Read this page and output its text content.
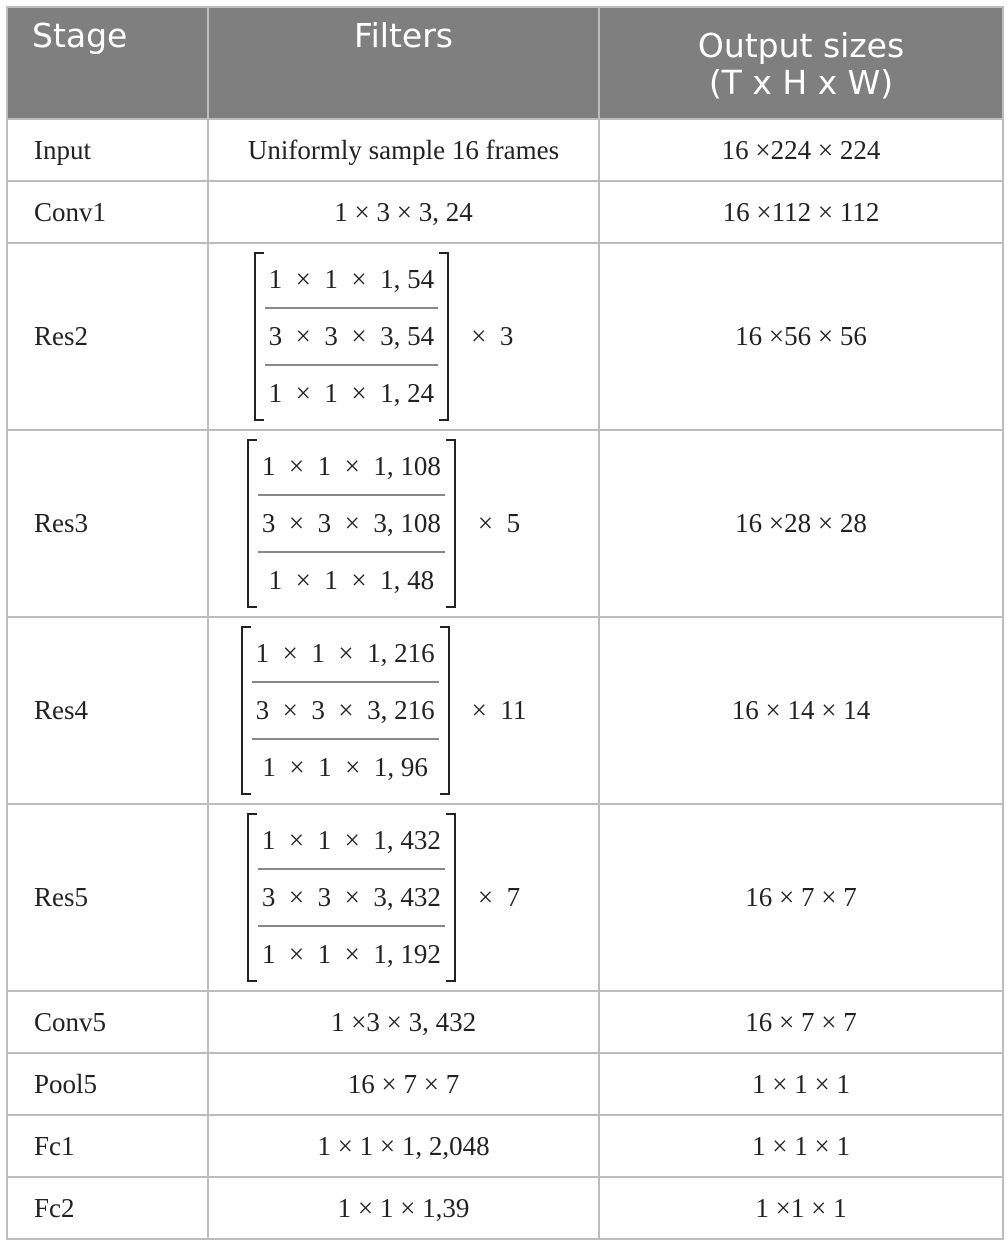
Stage	Filters	Output sizes
(T x H x W)

Input	Uniformly sample 16 frames	16 ×224 × 224
Conv1	1 × 3 × 3, 24	16 ×112 × 112
Res2	1  ×  1  ×  1, 54
3  ×  3  ×  3, 54
1  ×  1  ×  1, 24
×  3	16 ×56 × 56
Res3	1  ×  1  ×  1, 108
3  ×  3  ×  3, 108
1  ×  1  ×  1, 48
×  5	16 ×28 × 28
Res4	1  ×  1  ×  1, 216
3  ×  3  ×  3, 216
1  ×  1  ×  1, 96
×  11	16 × 14 × 14
Res5	1  ×  1  ×  1, 432
3  ×  3  ×  3, 432
1  ×  1  ×  1, 192
×  7	16 × 7 × 7
Conv5	1 ×3 × 3, 432	16 × 7 × 7
Pool5	16 × 7 × 7	1 × 1 × 1
Fc1	1 × 1 × 1, 2,048	1 × 1 × 1
Fc2	1 × 1 × 1,39	1 ×1 × 1
